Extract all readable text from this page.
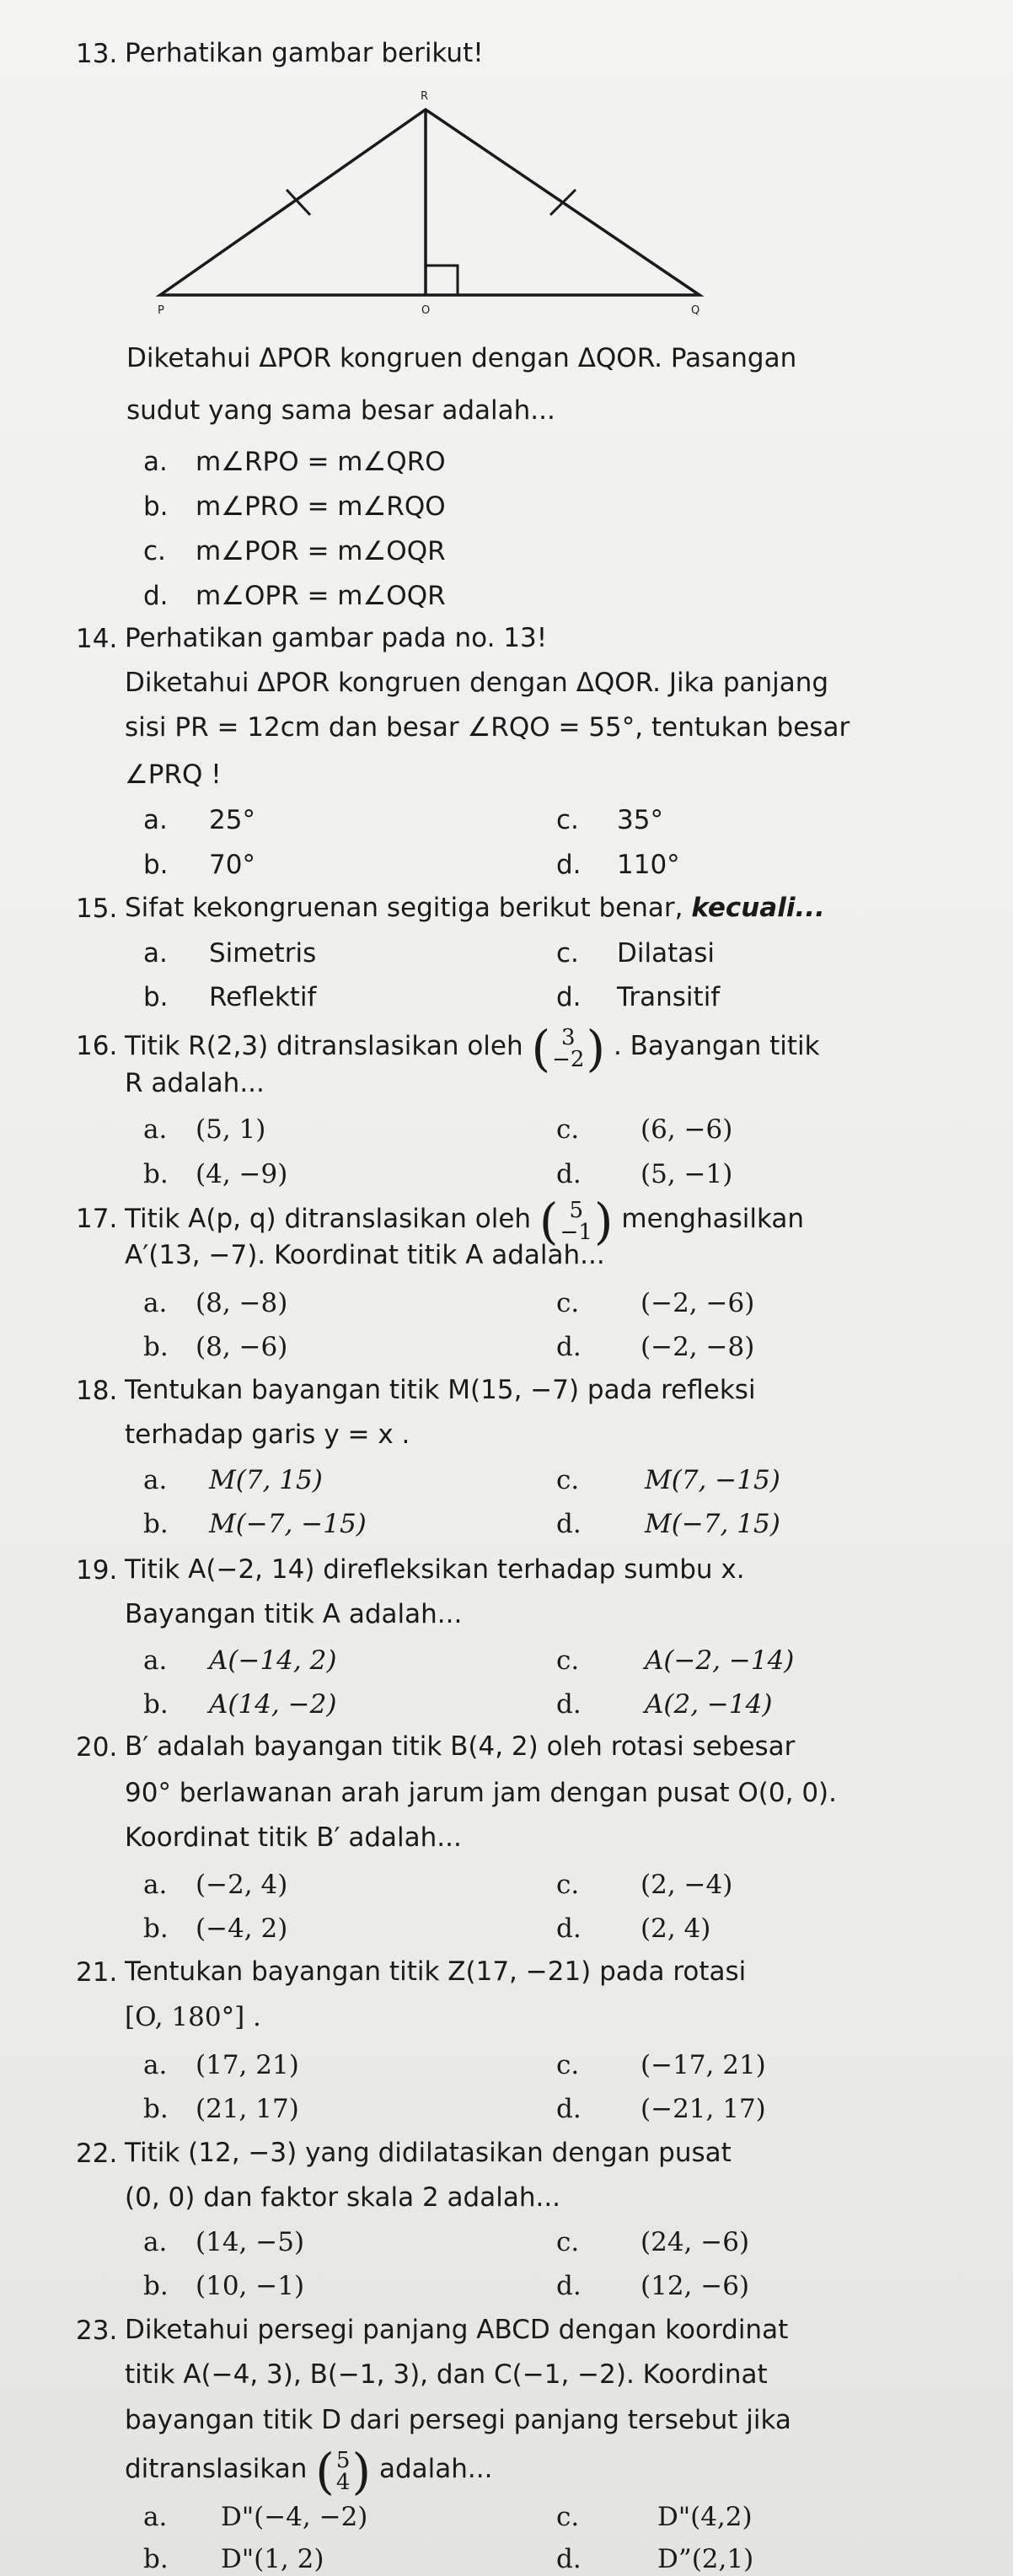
13. Perhatikan gambar berikut!
R
P	O	Q
Diketahui ΔPOR kongruen dengan ΔQOR. Pasangan
sudut yang sama besar adalah...
a. m∠RPO = m∠QRO
b. m∠PRO = m∠RQO
c. m∠POR = m∠OQR
d. m∠OPR = m∠OQR
14. Perhatikan gambar pada no. 13!
Diketahui ΔPOR kongruen dengan ΔQOR. Jika panjang
sisi PR = 12cm dan besar ∠RQO = 55°, tentukan besar
∠PRQ !
a. 25°	c. 35°
b. 70°	d. 110°
15. Sifat kekongruenan segitiga berikut benar, kecuali...
a. Simetris	c. Dilatasi
b. Reflektif	d. Transitif
16. Titik R(2,3) ditranslasikan oleh ( 3
−2 ) . Bayangan titik
R adalah...
a. (5, 1)	c. (6, −6)
b. (4, −9)	d. (5, −1)
17. Titik A(p, q) ditranslasikan oleh ( 5
−1 ) menghasilkan
A′(13, −7). Koordinat titik A adalah...
a. (8, −8)	c. (−2, −6)
b. (8, −6)	d. (−2, −8)
18. Tentukan bayangan titik M(15, −7) pada refleksi
terhadap garis y = x .
a. M(7, 15)	c.	M(7, −15)
b. M(−7, −15)	d. M(−7, 15)
19. Titik A(−2, 14) direfleksikan terhadap sumbu x.
Bayangan titik A adalah...
a. A(−14, 2)	c.	A(−2, −14)
b. A(14, −2)	d. A(2, −14)
20. B′ adalah bayangan titik B(4, 2) oleh rotasi sebesar
90° berlawanan arah jarum jam dengan pusat O(0, 0).
Koordinat titik B′ adalah...
a. (−2, 4)	c. (2, −4)
b. (−4, 2)	d. (2, 4)
21. Tentukan bayangan titik Z(17, −21) pada rotasi
[O, 180°] .
a. (17, 21)	c. (−17, 21)
b. (21, 17)	d. (−21, 17)
22. Titik (12, −3) yang didilatasikan dengan pusat
(0, 0) dan faktor skala 2 adalah...
a. (14, −5)	c. (24, −6)
b. (10, −1)	d. (12, −6)
23. Diketahui persegi panjang ABCD dengan koordinat
titik A(−4, 3), B(−1, 3), dan C(−1, −2). Koordinat
bayangan titik D dari persegi panjang tersebut jika
ditranslasikan ( 5
4 ) adalah...
a. D"(−4, −2)	c.	D"(4,2)
b. D"(1, 2)	d.	D”(2,1)
